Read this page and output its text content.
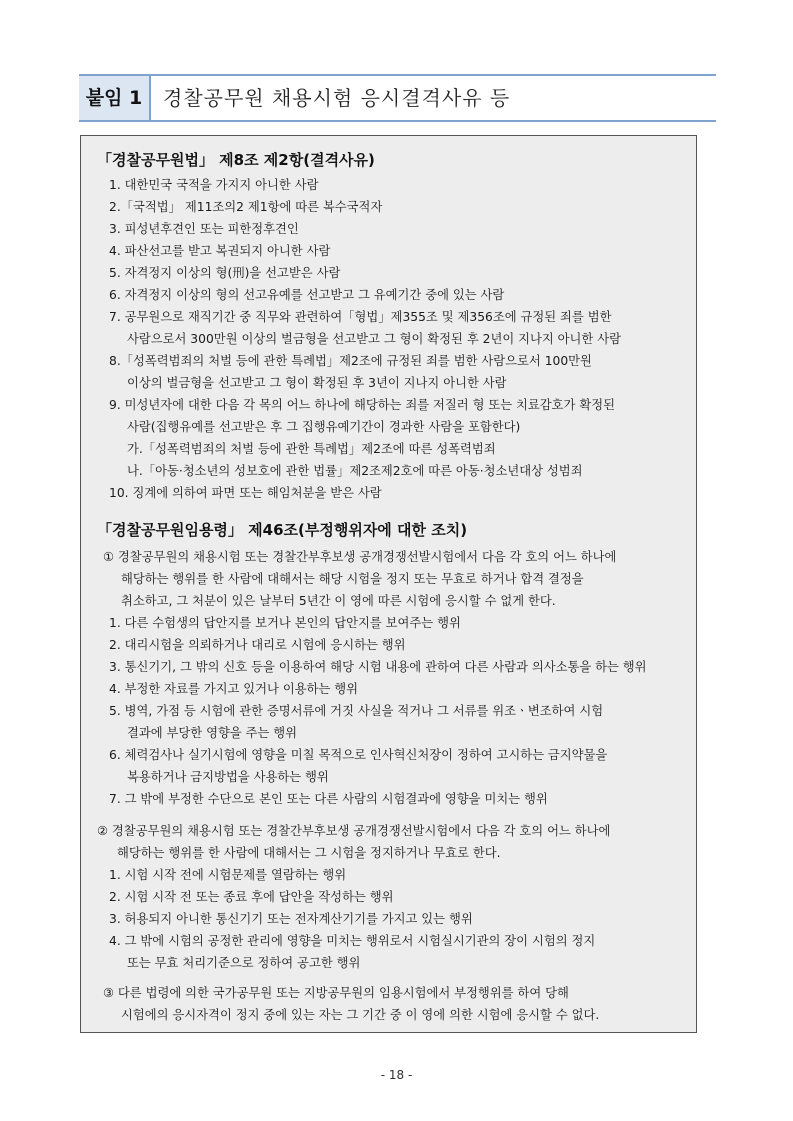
붙임 1	경찰공무원 채용시험 응시결격사유 등
「경찰공무원법」 제8조 제2항(결격사유)
1. 대한민국 국적을 가지지 아니한 사람
2.「국적법」 제11조의2 제1항에 따른 복수국적자
3. 피성년후견인 또는 피한정후견인
4. 파산선고를 받고 복권되지 아니한 사람
5. 자격정지 이상의 형(刑)을 선고받은 사람
6. 자격정지 이상의 형의 선고유예를 선고받고 그 유예기간 중에 있는 사람
7. 공무원으로 재직기간 중 직무와 관련하여「형법」제355조 및 제356조에 규정된 죄를 범한
사람으로서 300만원 이상의 벌금형을 선고받고 그 형이 확정된 후 2년이 지나지 아니한 사람
8.「성폭력범죄의 처벌 등에 관한 특례법」제2조에 규정된 죄를 범한 사람으로서 100만원
이상의 벌금형을 선고받고 그 형이 확정된 후 3년이 지나지 아니한 사람
9. 미성년자에 대한 다음 각 목의 어느 하나에 해당하는 죄를 저질러 형 또는 치료감호가 확정된
사람(집행유예를 선고받은 후 그 집행유예기간이 경과한 사람을 포함한다)
가.「성폭력범죄의 처벌 등에 관한 특례법」제2조에 따른 성폭력범죄
나.「아동·청소년의 성보호에 관한 법률」제2조제2호에 따른 아동·청소년대상 성범죄
10. 징계에 의하여 파면 또는 해임처분을 받은 사람
「경찰공무원임용령」 제46조(부정행위자에 대한 조치)
① 경찰공무원의 채용시험 또는 경찰간부후보생 공개경쟁선발시험에서 다음 각 호의 어느 하나에
해당하는 행위를 한 사람에 대해서는 해당 시험을 정지 또는 무효로 하거나 합격 결정을
취소하고, 그 처분이 있은 날부터 5년간 이 영에 따른 시험에 응시할 수 없게 한다.
1. 다른 수험생의 답안지를 보거나 본인의 답안지를 보여주는 행위
2. 대리시험을 의뢰하거나 대리로 시험에 응시하는 행위
3. 통신기기, 그 밖의 신호 등을 이용하여 해당 시험 내용에 관하여 다른 사람과 의사소통을 하는 행위
4. 부정한 자료를 가지고 있거나 이용하는 행위
5. 병역, 가점 등 시험에 관한 증명서류에 거짓 사실을 적거나 그 서류를 위조ㆍ변조하여 시험
결과에 부당한 영향을 주는 행위
6. 체력검사나 실기시험에 영향을 미칠 목적으로 인사혁신처장이 정하여 고시하는 금지약물을
복용하거나 금지방법을 사용하는 행위
7. 그 밖에 부정한 수단으로 본인 또는 다른 사람의 시험결과에 영향을 미치는 행위
② 경찰공무원의 채용시험 또는 경찰간부후보생 공개경쟁선발시험에서 다음 각 호의 어느 하나에
해당하는 행위를 한 사람에 대해서는 그 시험을 정지하거나 무효로 한다.
1. 시험 시작 전에 시험문제를 열람하는 행위
2. 시험 시작 전 또는 종료 후에 답안을 작성하는 행위
3. 허용되지 아니한 통신기기 또는 전자계산기기를 가지고 있는 행위
4. 그 밖에 시험의 공정한 관리에 영향을 미치는 행위로서 시험실시기관의 장이 시험의 정지
또는 무효 처리기준으로 정하여 공고한 행위
③ 다른 법령에 의한 국가공무원 또는 지방공무원의 임용시험에서 부정행위를 하여 당해
시험에의 응시자격이 정지 중에 있는 자는 그 기간 중 이 영에 의한 시험에 응시할 수 없다.
- 18 -
